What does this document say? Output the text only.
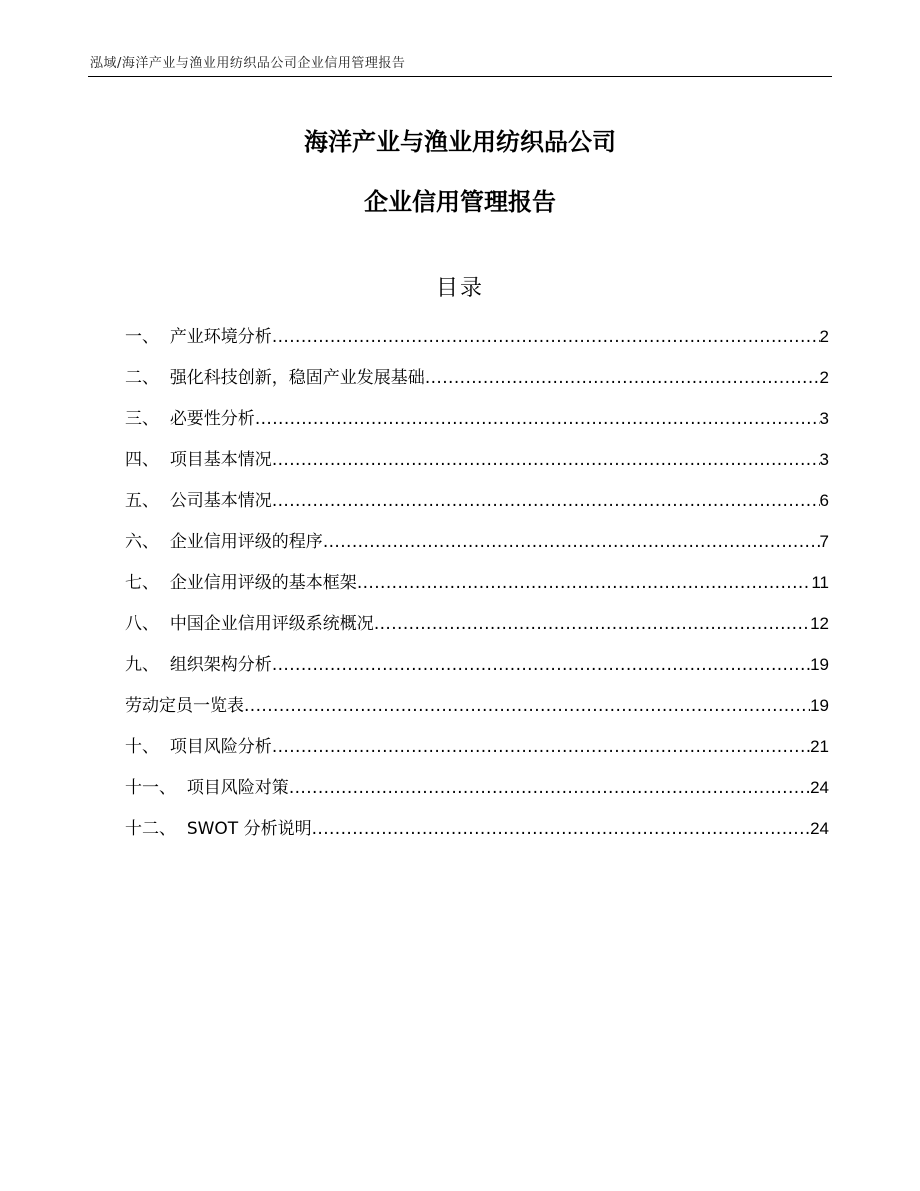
泓域/海洋产业与渔业用纺织品公司企业信用管理报告
海洋产业与渔业用纺织品公司
企业信用管理报告
目录
一、 产业环境分析 .....	2
二、 强化科技创新，稳固产业发展基础 .....	2
三、 必要性分析 .....	3
四、 项目基本情况 .....	3
五、 公司基本情况 .....	6
六、 企业信用评级的程序 .....	7
七、 企业信用评级的基本框架 .....	11
八、 中国企业信用评级系统概况 .....	12
九、 组织架构分析 .....	19
劳动定员一览表 .....	19
十、 项目风险分析 .....	21
十一、 项目风险对策 .....	24
十二、 SWOT 分析说明 .....	24
